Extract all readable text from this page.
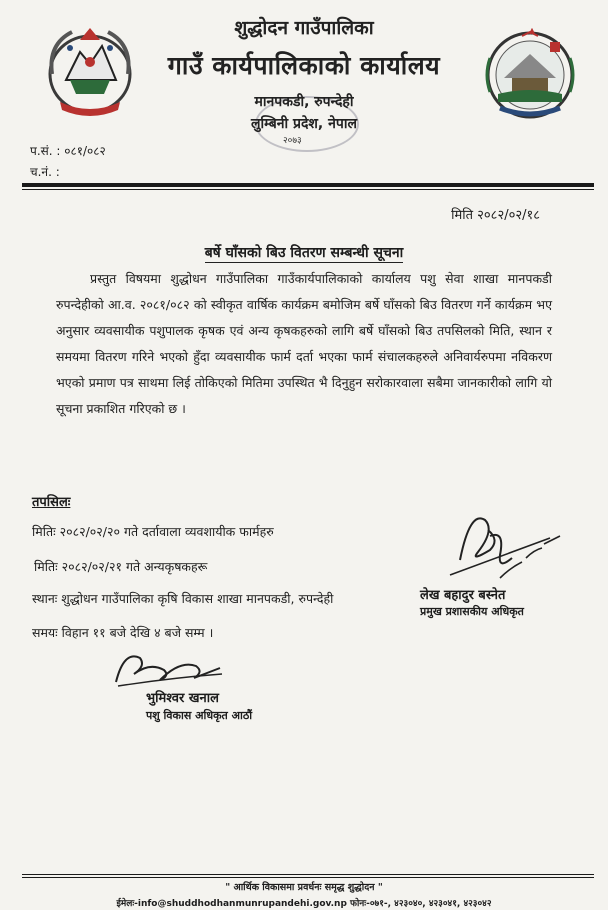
शुद्धोदन गाउँपालिका
गाउँ कार्यपालिकाको कार्यालय
मानपकडी, रुपन्देही
लुम्बिनी प्रदेश, नेपाल
२०७३
प.सं. : ०८१/०८२
च.नं. :
मिति २०८२/०२/१८
बर्षे घाँसको बिउ वितरण सम्बन्धी सूचना

प्रस्तुत विषयमा शुद्धोधन गाउँपालिका गाउँकार्यपालिकाको कार्यालय पशु सेवा शाखा मानपकडी रुपन्देहीको आ.व. २०८१/०८२ को स्वीकृत वार्षिक कार्यक्रम बमोजिम बर्षे घाँसको बिउ वितरण गर्ने कार्यक्रम भए अनुसार व्यवसायीक पशुपालक कृषक एवं अन्य कृषकहरुको लागि बर्षे घाँसको बिउ तपसिलको मिति, स्थान र समयमा वितरण गरिने भएको हुँदा व्यवसायीक फार्म दर्ता भएका फार्म संचालकहरुले अनिवार्यरुपमा नविकरण भएको प्रमाण पत्र साथमा लिई तोकिएको मितिमा उपस्थित भै दिनुहुन सरोकारवाला सबैमा जानकारीको लागि यो सूचना प्रकाशित गरिएको छ ।

तपसिलः
मितिः २०८२/०२/२० गते दर्तावाला व्यवशायीक फार्महरु
मितिः २०८२/०२/२१ गते अन्यकृषकहरू
स्थानः शुद्धोधन गाउँपालिका कृषि विकास शाखा मानपकडी, रुपन्देही
समयः विहान ११ बजे देखि ४ बजे सम्म ।
लेख बहादुर बस्नेत
प्रमुख प्रशासकीय अधिकृत
भुमिश्वर खनाल
पशु विकास अधिकृत आठौं
" आर्थिक विकासमा प्रवर्धनः समृद्ध शुद्धोदन "
ईमेलः-info@shuddhodhanmunrupandehi.gov.np फोनः-०७१-, ४२३०४०, ४२३०४१, ४२३०४२
